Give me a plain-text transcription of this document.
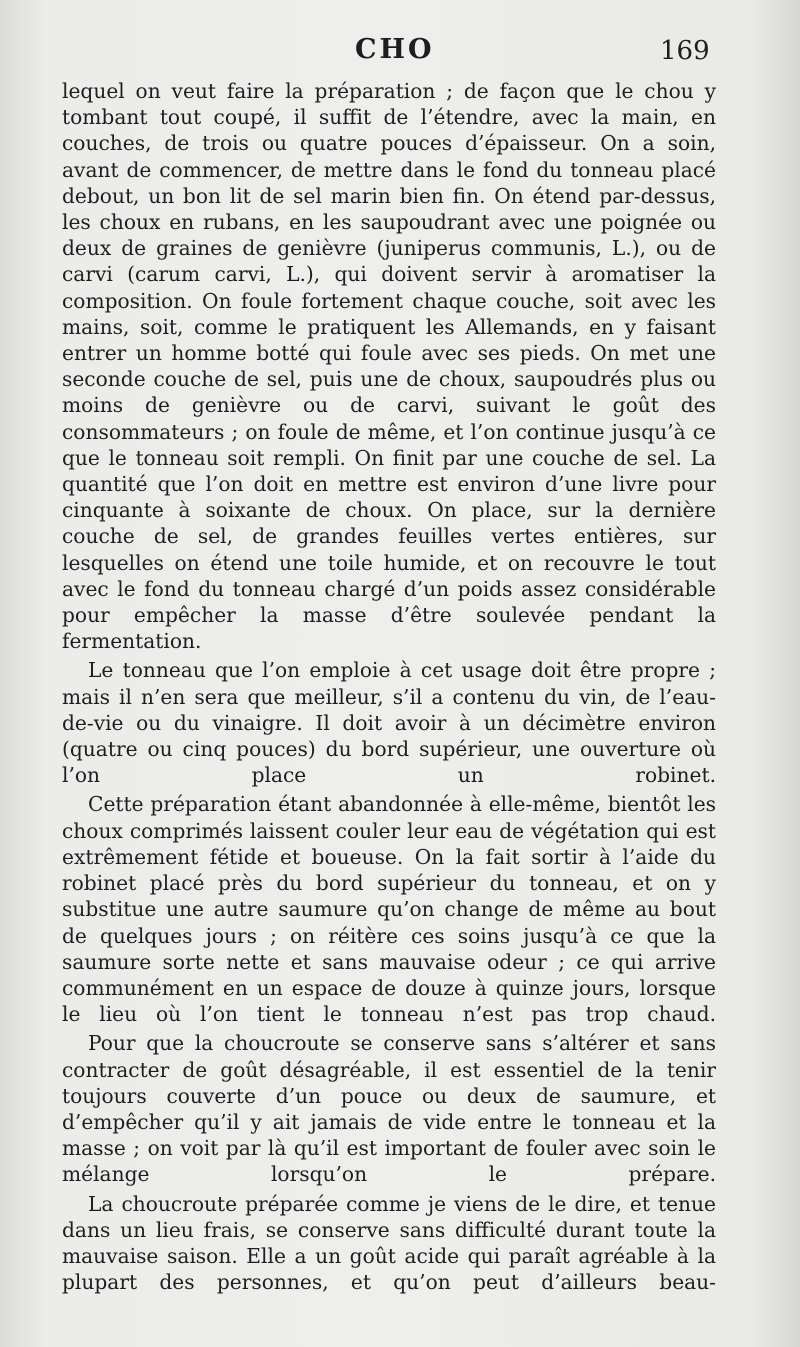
CHO	169

lequel on veut faire la préparation ; de façon que le chou y tombant tout coupé, il suffit de l’étendre, avec la main, en couches, de trois ou quatre pouces d’épaisseur. On a soin, avant de commencer, de mettre dans le fond du tonneau placé debout, un bon lit de sel marin bien fin. On étend par-dessus, les choux en rubans, en les saupoudrant avec une poignée ou deux de graines de genièvre (juniperus communis, L.), ou de carvi (carum carvi, L.), qui doivent servir à aromatiser la composition. On foule fortement chaque couche, soit avec les mains, soit, comme le pratiquent les Allemands, en y faisant entrer un homme botté qui foule avec ses pieds. On met une seconde couche de sel, puis une de choux, saupoudrés plus ou moins de genièvre ou de carvi, suivant le goût des consommateurs ; on foule de même, et l’on continue jusqu’à ce que le tonneau soit rempli. On finit par une couche de sel. La quantité que l’on doit en mettre est environ d’une livre pour cinquante à soixante de choux. On place, sur la dernière couche de sel, de grandes feuilles vertes entières, sur lesquelles on étend une toile humide, et on recouvre le tout avec le fond du tonneau chargé d’un poids assez considérable pour empêcher la masse d’être soulevée pendant la fermentation.

Le tonneau que l’on emploie à cet usage doit être propre ; mais il n’en sera que meilleur, s’il a contenu du vin, de l’eau-de-vie ou du vinaigre. Il doit avoir à un décimètre environ (quatre ou cinq pouces) du bord supérieur, une ouverture où l’on place un robinet.

Cette préparation étant abandonnée à elle-même, bientôt les choux comprimés laissent couler leur eau de végétation qui est extrêmement fétide et boueuse. On la fait sortir à l’aide du robinet placé près du bord supérieur du tonneau, et on y substitue une autre saumure qu’on change de même au bout de quelques jours ; on réitère ces soins jusqu’à ce que la saumure sorte nette et sans mauvaise odeur ; ce qui arrive communément en un espace de douze à quinze jours, lorsque le lieu où l’on tient le tonneau n’est pas trop chaud.

Pour que la choucroute se conserve sans s’altérer et sans contracter de goût désagréable, il est essentiel de la tenir toujours couverte d’un pouce ou deux de saumure, et d’empêcher qu’il y ait jamais de vide entre le tonneau et la masse ; on voit par là qu’il est important de fouler avec soin le mélange lorsqu’on le prépare.

La choucroute préparée comme je viens de le dire, et tenue dans un lieu frais, se conserve sans difficulté durant toute la mauvaise saison. Elle a un goût acide qui paraît agréable à la plupart des personnes, et qu’on peut d’ailleurs beau-
